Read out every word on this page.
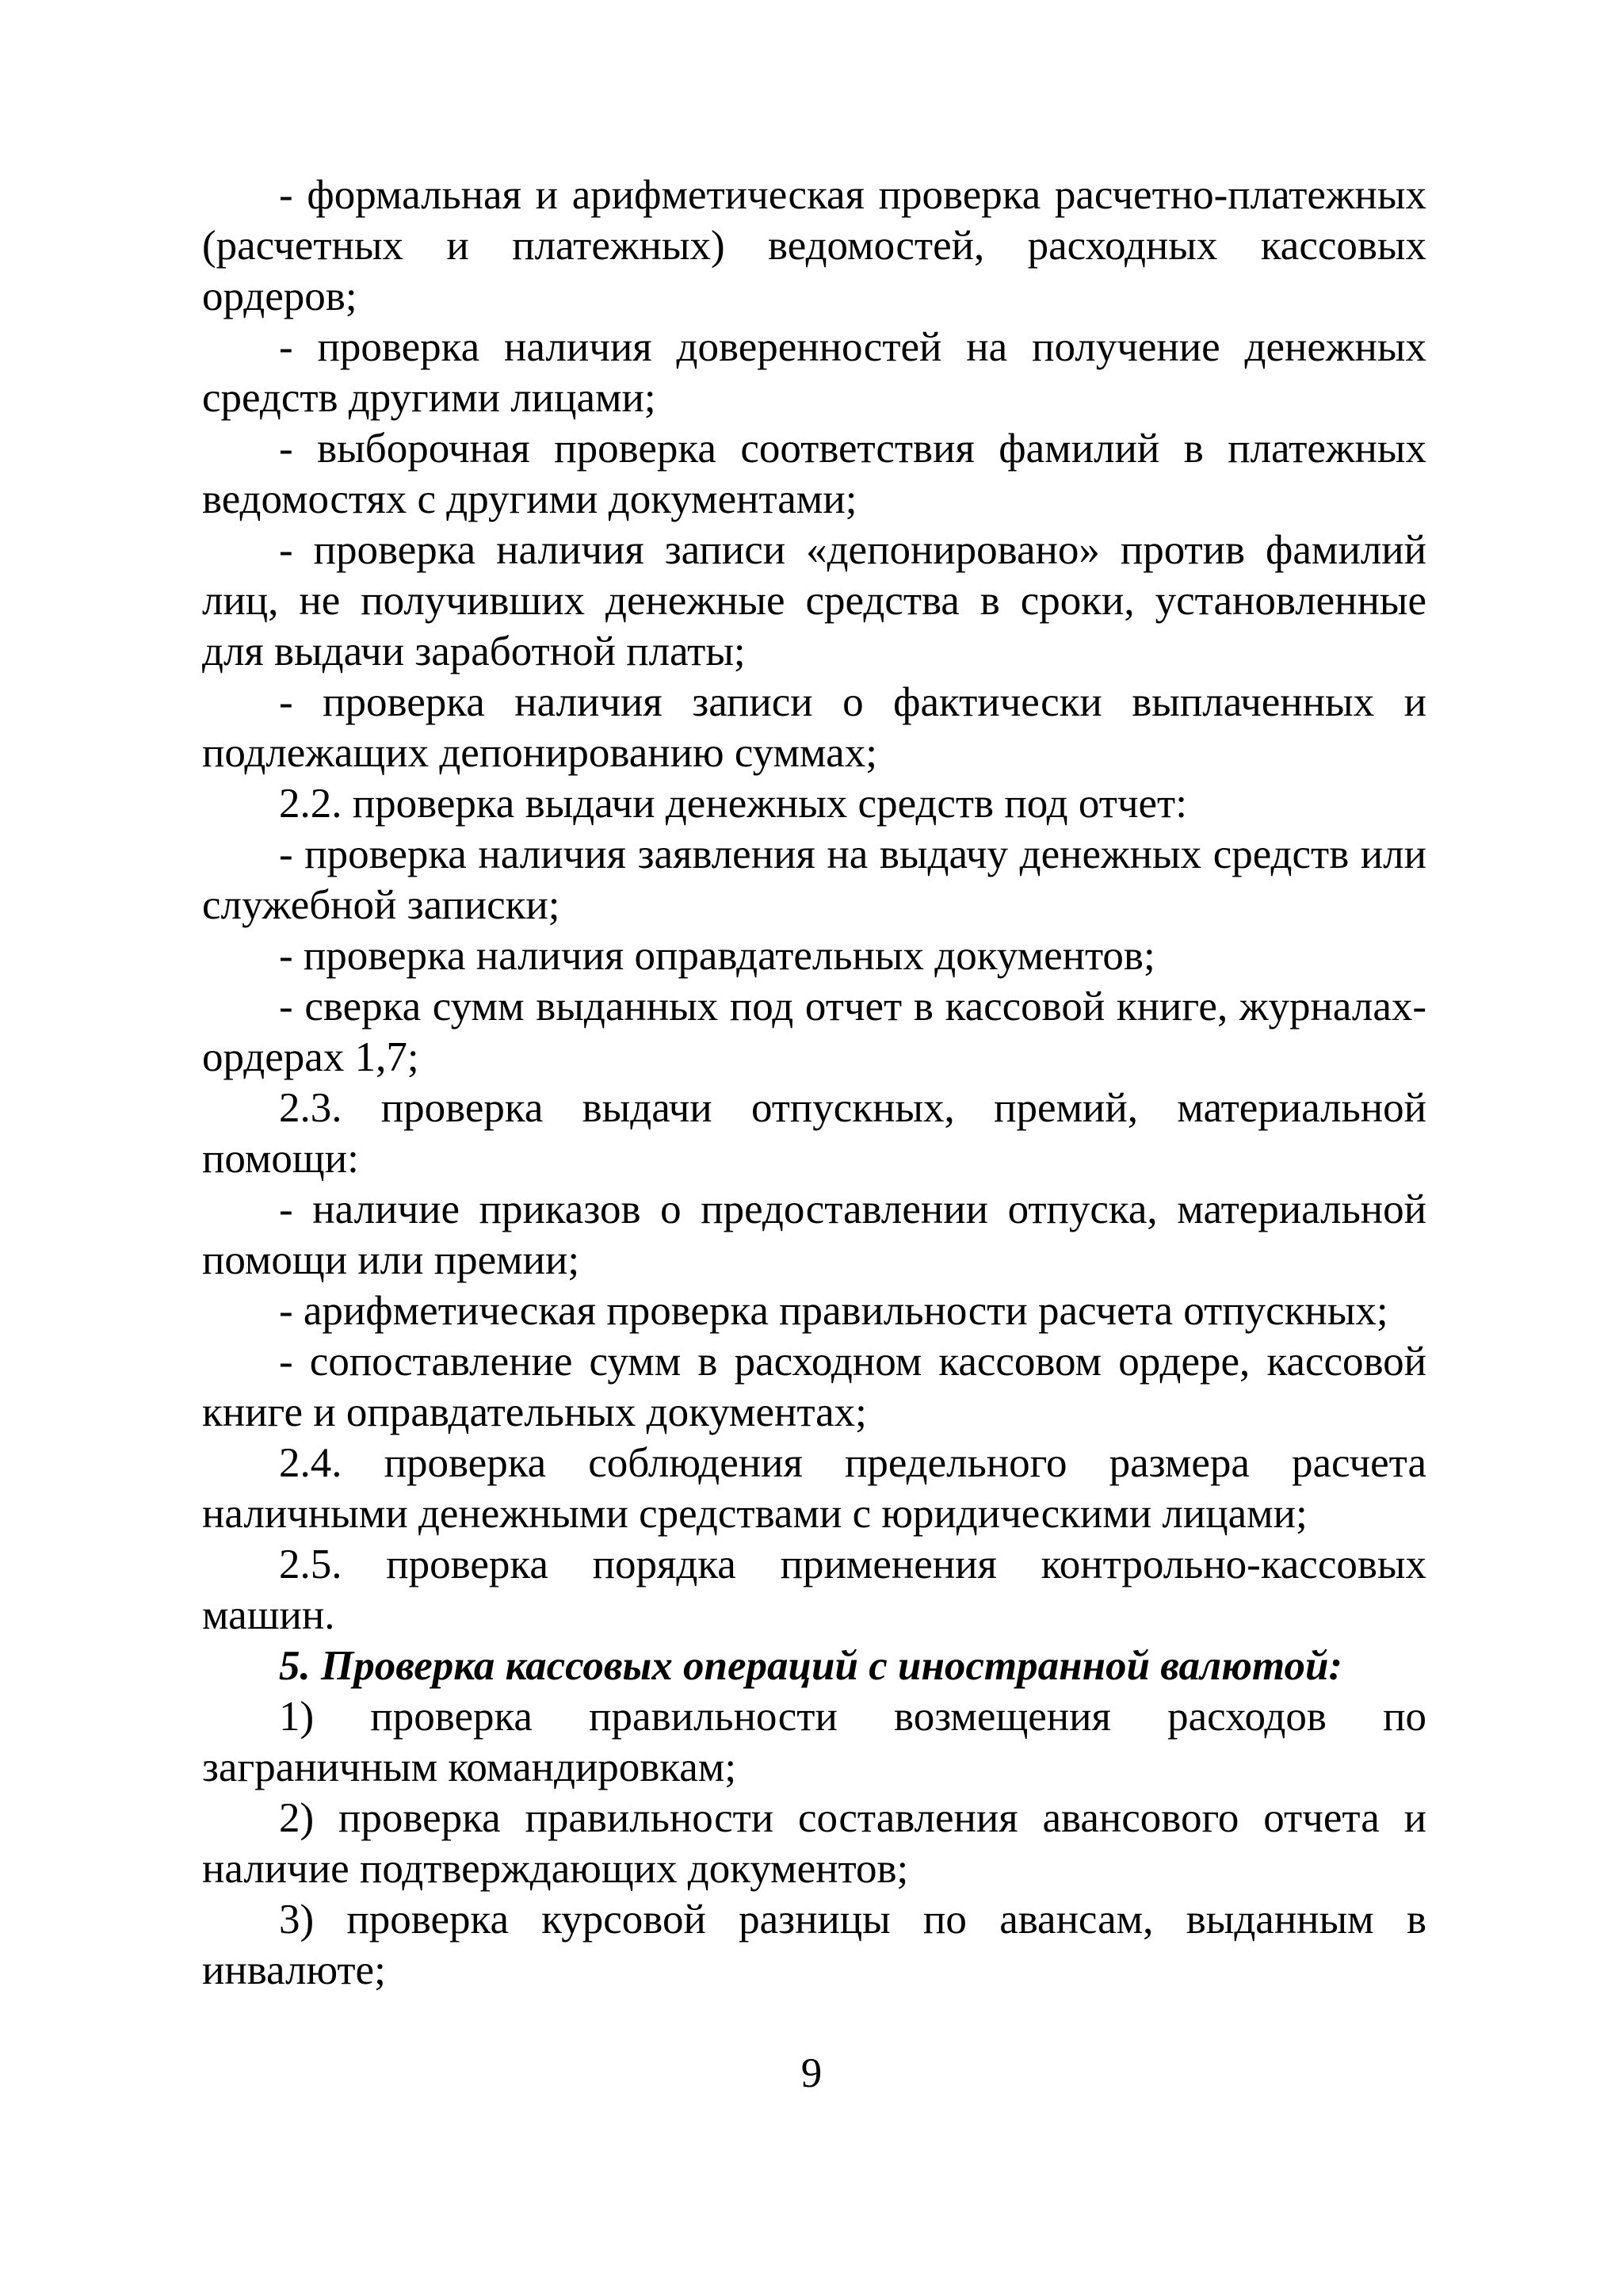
- формальная и арифметическая проверка расчетно-платежных (расчетных и платежных) ведомостей, расходных кассовых ордеров;

- проверка наличия доверенностей на получение денежных средств другими лицами;

- выборочная проверка соответствия фамилий в платежных ведомостях с другими документами;

- проверка наличия записи «депонировано» против фамилий лиц, не получивших денежные средства в сроки, установленные для выдачи заработной платы;

- проверка наличия записи о фактически выплаченных и подлежащих депонированию суммах;

2.2. проверка выдачи денежных средств под отчет:

- проверка наличия заявления на выдачу денежных средств или служебной записки;

- проверка наличия оправдательных документов;

- сверка сумм выданных под отчет в кассовой книге, журналах-ордерах 1,7;

2.3. проверка выдачи отпускных, премий, материальной помощи:

- наличие приказов о предоставлении отпуска, материальной помощи или премии;

- арифметическая проверка правильности расчета отпускных;

- сопоставление сумм в расходном кассовом ордере, кассовой книге и оправдательных документах;

2.4. проверка соблюдения предельного размера расчета наличными денежными средствами с юридическими лицами;

2.5. проверка порядка применения контрольно-кассовых машин.

5. Проверка кассовых операций с иностранной валютой:

1) проверка правильности возмещения расходов по заграничным командировкам;

2) проверка правильности составления авансового отчета и наличие подтверждающих документов;

3) проверка курсовой разницы по авансам, выданным в инвалюте;

9
